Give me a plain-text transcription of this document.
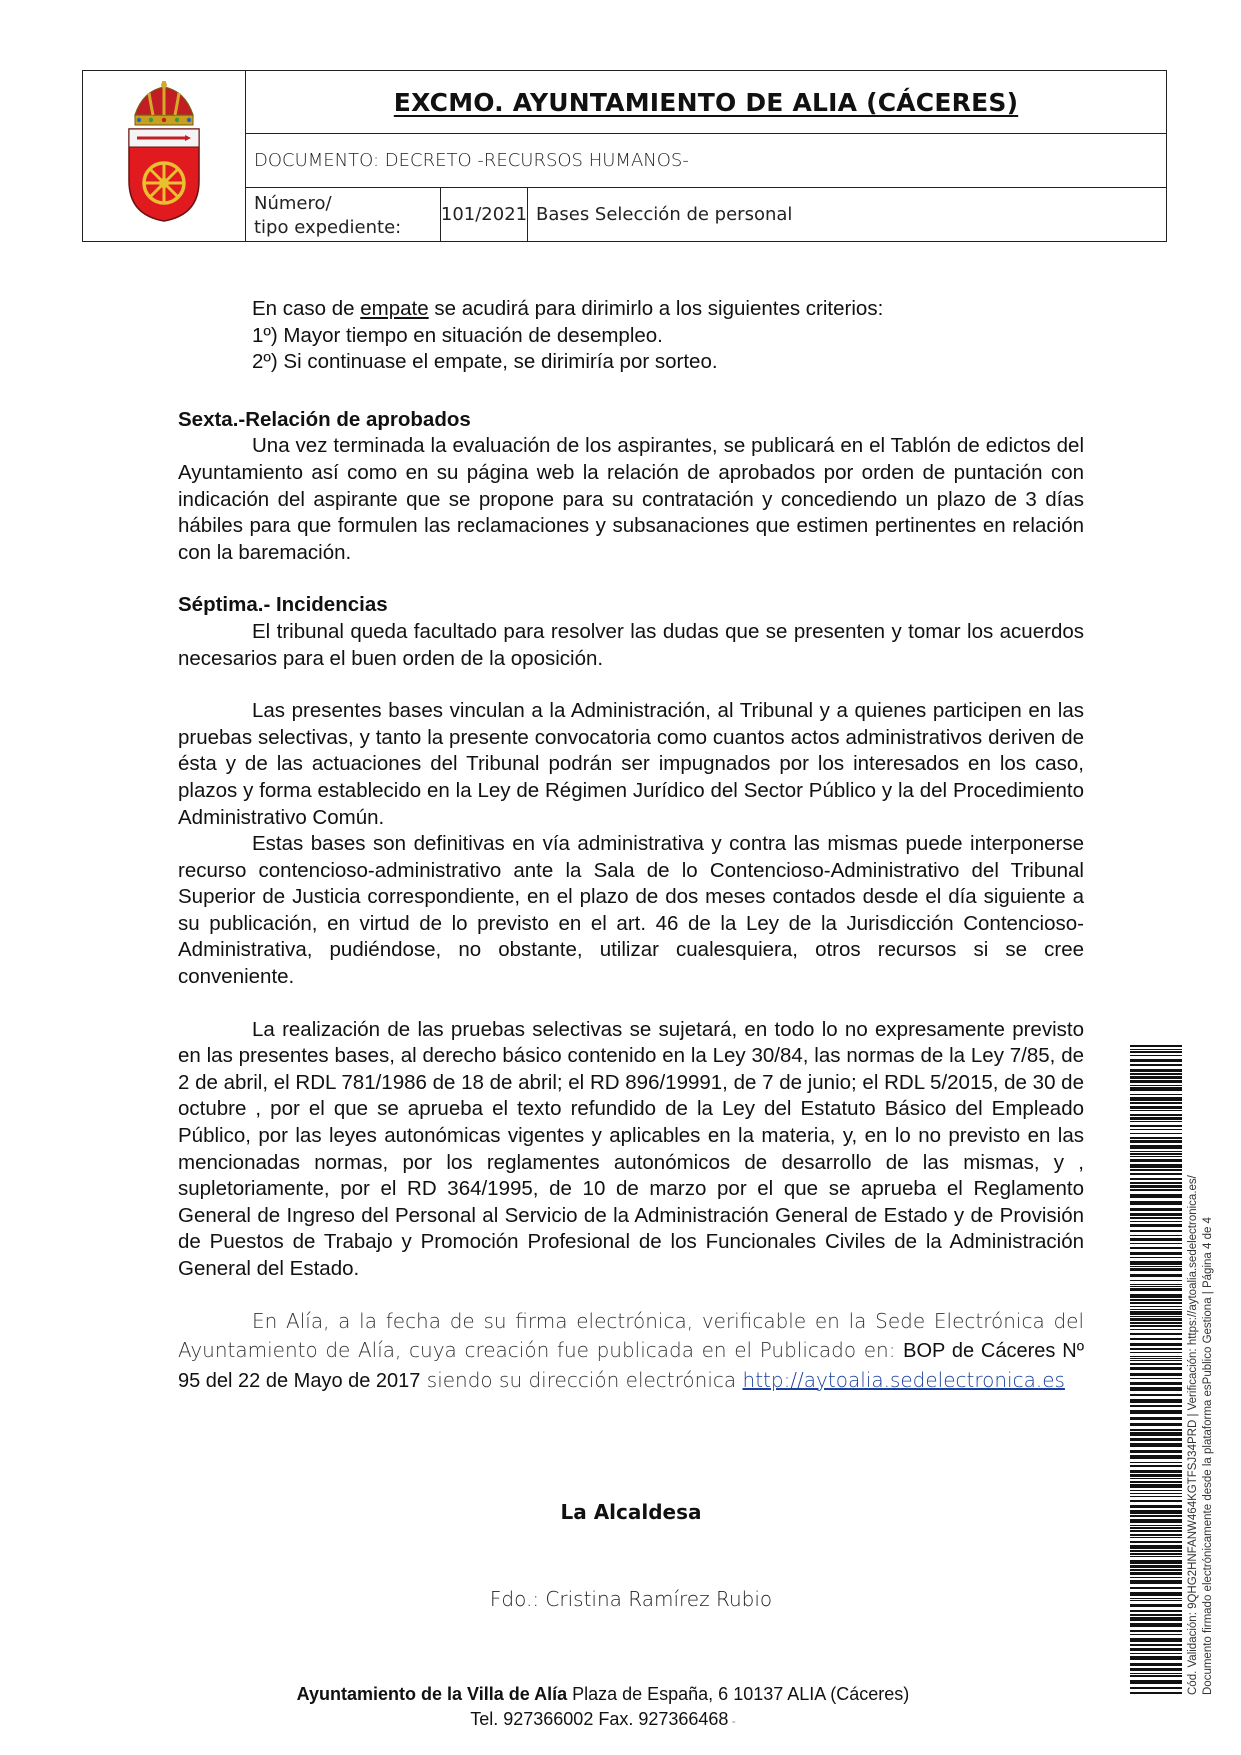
EXCMO. AYUNTAMIENTO DE ALIA (CÁCERES)
DOCUMENTO: DECRETO -RECURSOS HUMANOS-
Número/
tipo expediente:
101/2021 Bases Selección de personal

En caso de empate se acudirá para dirimirlo a los siguientes criterios:

1º) Mayor tiempo en situación de desempleo.

2º) Si continuase el empate, se dirimiría por sorteo.

Sexta.-Relación de aprobados

Una vez terminada la evaluación de los aspirantes, se publicará en el Tablón de edictos del Ayuntamiento así como en su página web la relación de aprobados por orden de puntación con indicación del aspirante que se propone para su contratación y concediendo un plazo de 3 días hábiles para que formulen las reclamaciones y subsanaciones que estimen pertinentes en relación con la baremación.

Séptima.- Incidencias

El tribunal queda facultado para resolver las dudas que se presenten y tomar los acuerdos necesarios para el buen orden de la oposición.

Las presentes bases vinculan a la Administración, al Tribunal y a quienes participen en las pruebas selectivas, y tanto la presente convocatoria como cuantos actos administrativos deriven de ésta y de las actuaciones del Tribunal podrán ser impugnados por los interesados en los caso, plazos y forma establecido en la Ley de Régimen Jurídico del Sector Público y la del Procedimiento Administrativo Común.

Estas bases son definitivas en vía administrativa y contra las mismas puede interponerse recurso contencioso-administrativo ante la Sala de lo Contencioso-Administrativo del Tribunal Superior de Justicia correspondiente, en el plazo de dos meses contados desde el día siguiente a su publicación, en virtud de lo previsto en el art. 46 de la Ley de la Jurisdicción Contencioso-Administrativa, pudiéndose, no obstante, utilizar cualesquiera, otros recursos si se cree conveniente.

La realización de las pruebas selectivas se sujetará, en todo lo no expresamente previsto en las presentes bases, al derecho básico contenido en la Ley 30/84, las normas de la Ley 7/85, de 2 de abril, el RDL 781/1986 de 18 de abril; el RD 896/19991, de 7 de junio; el RDL 5/2015, de 30 de octubre , por el que se aprueba el texto refundido de la Ley del Estatuto Básico del Empleado Público, por las leyes autonómicas vigentes y aplicables en la materia, y, en lo no previsto en las mencionadas normas, por los reglamentes autonómicos de desarrollo de las mismas, y , supletoriamente, por el RD 364/1995, de 10 de marzo por el que se aprueba el Reglamento General de Ingreso del Personal al Servicio de la Administración General de Estado y de Provisión de Puestos de Trabajo y Promoción Profesional de los Funcionales Civiles de la Administración General del Estado.

En Alía, a la fecha de su firma electrónica, verificable en la Sede Electrónica del Ayuntamiento de Alía, cuya creación fue publicada en el Publicado en: BOP de Cáceres Nº 95 del 22 de Mayo de 2017 siendo su dirección electrónica http://aytoalia.sedelectronica.es

La Alcaldesa
Fdo.: Cristina Ramírez Rubio
Ayuntamiento de la Villa de Alía Plaza de España, 6 10137 ALIA (Cáceres)
Tel. 927366002 Fax. 927366468 -
Cód. Validación: 9QHG2HNFANW464KGTFSJ34PRD | Verificación: https://aytoalia.sedelectronica.es/ Documento firmado electrónicamente desde la plataforma esPublico Gestiona | Página 4 de 4
